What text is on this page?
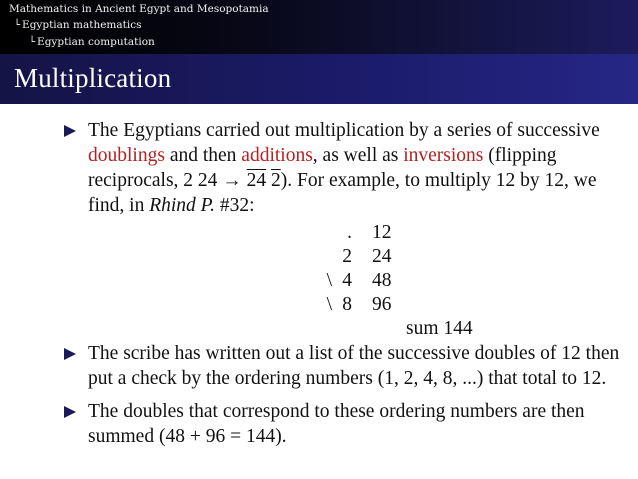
Mathematics in Ancient Egypt and Mesopotamia
└ Egyptian mathematics
└ Egyptian computation
Multiplication
The Egyptians carried out multiplication by a series of successive doublings and then additions, as well as inversions (flipping reciprocals, 2 24 → 24 2). For example, to multiply 12 by 12, we find, in Rhind P. #32:
. 12
2 24
\ 4 48
\ 8 96
sum 144
The scribe has written out a list of the successive doubles of 12 then put a check by the ordering numbers (1, 2, 4, 8, ...) that total to 12.
The doubles that correspond to these ordering numbers are then summed (48 + 96 = 144).
